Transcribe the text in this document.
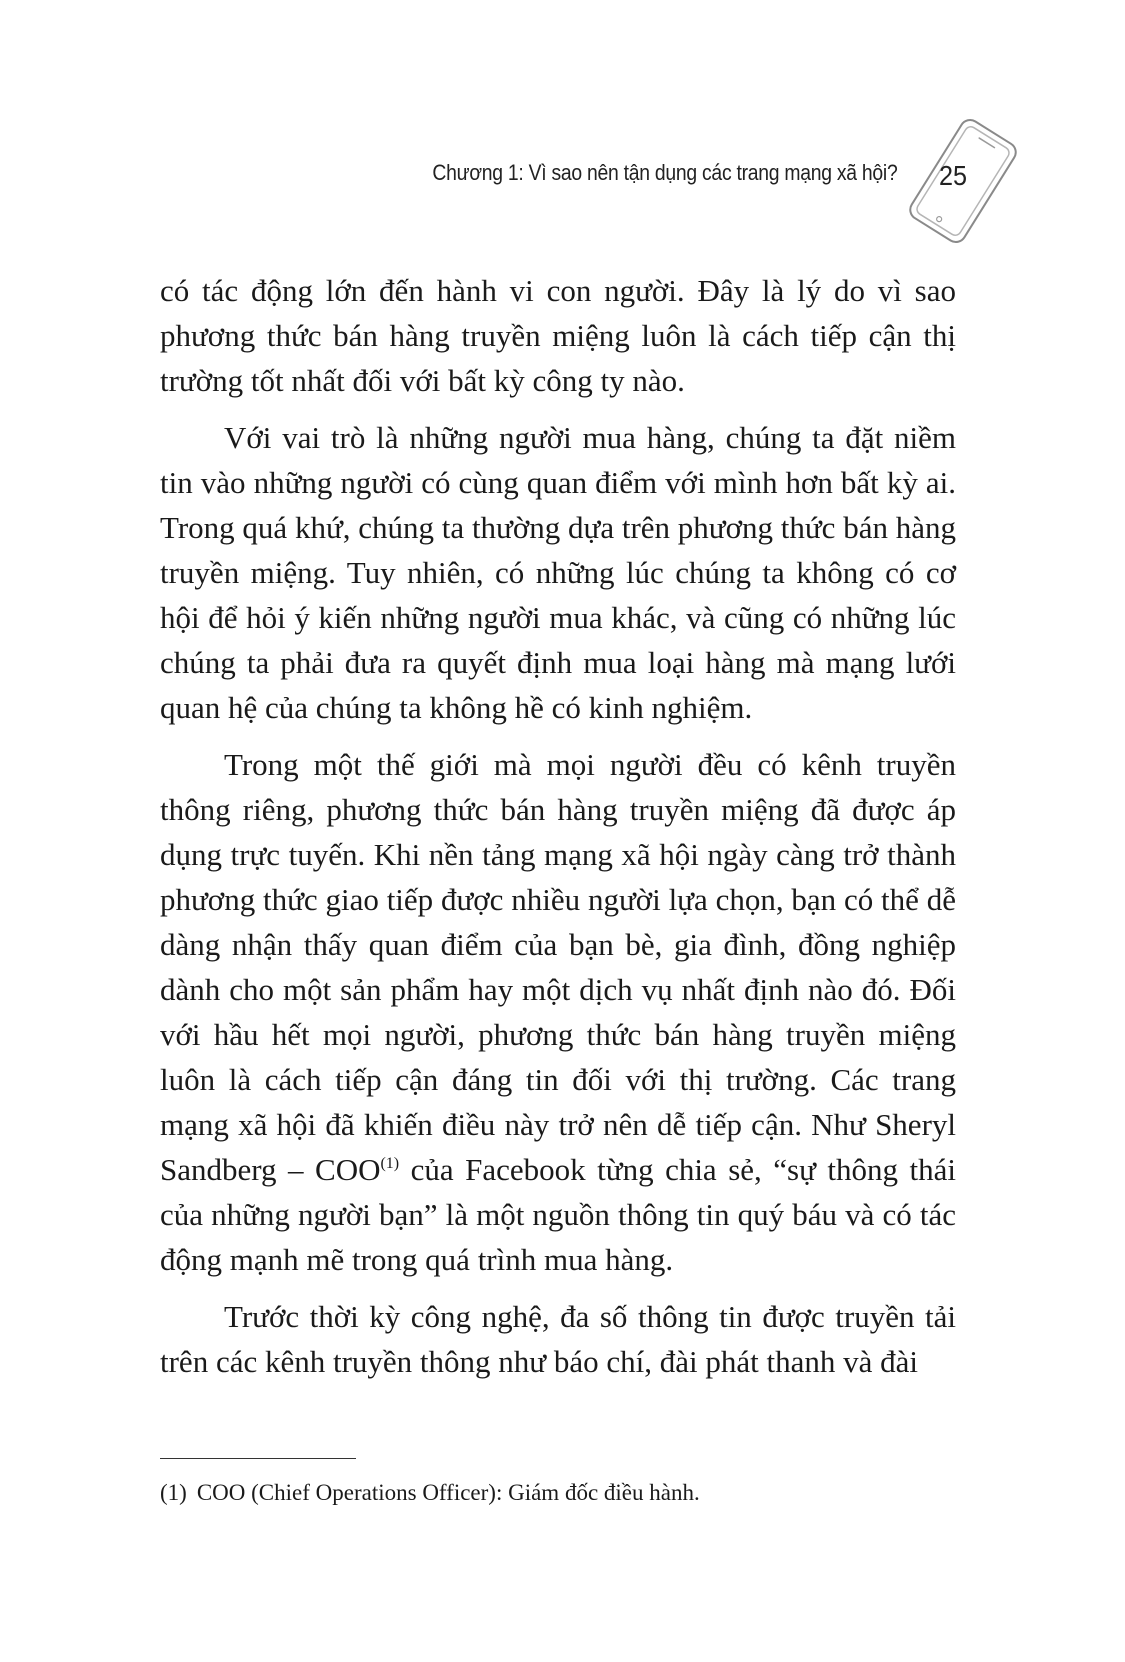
Chương 1: Vì sao nên tận dụng các trang mạng xã hội?	25

có tác động lớn đến hành vi con người. Đây là lý do vì sao phương thức bán hàng truyền miệng luôn là cách tiếp cận thị trường tốt nhất đối với bất kỳ công ty nào.

Với vai trò là những người mua hàng, chúng ta đặt niềm tin vào những người có cùng quan điểm với mình hơn bất kỳ ai. Trong quá khứ, chúng ta thường dựa trên phương thức bán hàng truyền miệng. Tuy nhiên, có những lúc chúng ta không có cơ hội để hỏi ý kiến những người mua khác, và cũng có những lúc chúng ta phải đưa ra quyết định mua loại hàng mà mạng lưới quan hệ của chúng ta không hề có kinh nghiệm.

Trong một thế giới mà mọi người đều có kênh truyền thông riêng, phương thức bán hàng truyền miệng đã được áp dụng trực tuyến. Khi nền tảng mạng xã hội ngày càng trở thành phương thức giao tiếp được nhiều người lựa chọn, bạn có thể dễ dàng nhận thấy quan điểm của bạn bè, gia đình, đồng nghiệp dành cho một sản phẩm hay một dịch vụ nhất định nào đó. Đối với hầu hết mọi người, phương thức bán hàng truyền miệng luôn là cách tiếp cận đáng tin đối với thị trường. Các trang mạng xã hội đã khiến điều này trở nên dễ tiếp cận. Như Sheryl Sandberg – COO$^{(1)}$ của Facebook từng chia sẻ, “sự thông thái của những người bạn” là một nguồn thông tin quý báu và có tác động mạnh mẽ trong quá trình mua hàng.

Trước thời kỳ công nghệ, đa số thông tin được truyền tải trên các kênh truyền thông như báo chí, đài phát thanh và đài

(1) COO (Chief Operations Officer): Giám đốc điều hành.
